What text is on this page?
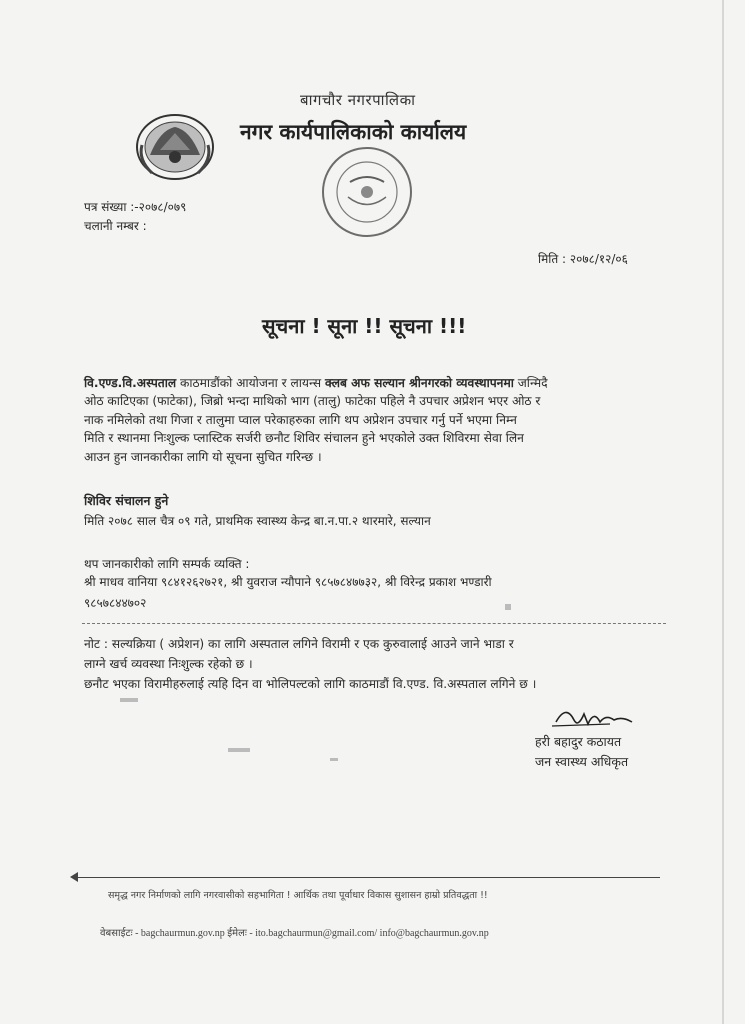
बागचौर नगरपालिका
नगर कार्यपालिकाको कार्यालय
पत्र संख्या :-२०७८/०७९
चलानी नम्बर :
मिति : २०७८/१२/०६
सूचना ! सूना !! सूचना !!!
वि.एण्ड.वि.अस्पताल काठमाडौंको आयोजना र लायन्स क्लब अफ सल्यान श्रीनगरको व्यवस्थापनमा जन्मिदै
ओठ काटिएका (फाटेका), जिब्रो भन्दा माथिको भाग (तालु) फाटेका पहिले नै उपचार अप्रेशन भएर ओठ र
नाक नमिलेको तथा गिजा र तालुमा प्वाल परेकाहरुका लागि थप अप्रेशन उपचार गर्नु पर्ने भएमा निम्न
मिति र स्थानमा निःशुल्क प्लास्टिक सर्जरी छनौट शिविर संचालन हुने भएकोले उक्त शिविरमा सेवा लिन
आउन हुन जानकारीका लागि यो सूचना सुचित गरिन्छ ।
शिविर संचालन हुने
मिति २०७८ साल चैत्र ०९ गते, प्राथमिक स्वास्थ्य केन्द्र बा.न.पा.२ थारमारे, सल्यान
थप जानकारीको लागि सम्पर्क व्यक्ति :
श्री माधव वानिया ९८४१२६२७२१, श्री युवराज न्यौपाने ९८५७८४७७३२, श्री विरेन्द्र प्रकाश भण्डारी
९८५७८४४७०२
नोट : सल्यक्रिया ( अप्रेशन) का लागि अस्पताल लगिने विरामी र एक कुरुवालाई आउने जाने भाडा र
लाग्ने खर्च व्यवस्था निःशुल्क रहेको छ ।
छनौट भएका विरामीहरुलाई त्यहि दिन वा भोलिपल्टको लागि काठमाडौं वि.एण्ड. वि.अस्पताल लगिने छ ।
हरी बहादुर कठायत
जन स्वास्थ्य अधिकृत
समृद्ध नगर निर्माणको लागि नगरवासीको सहभागिता ! आर्थिक तथा पूर्वाधार विकास सुशासन हाम्रो प्रतिवद्धता !!
वेबसाईटः - bagchaurmun.gov.np ईमेलः - ito.bagchaurmun@gmail.com/ info@bagchaurmun.gov.np
